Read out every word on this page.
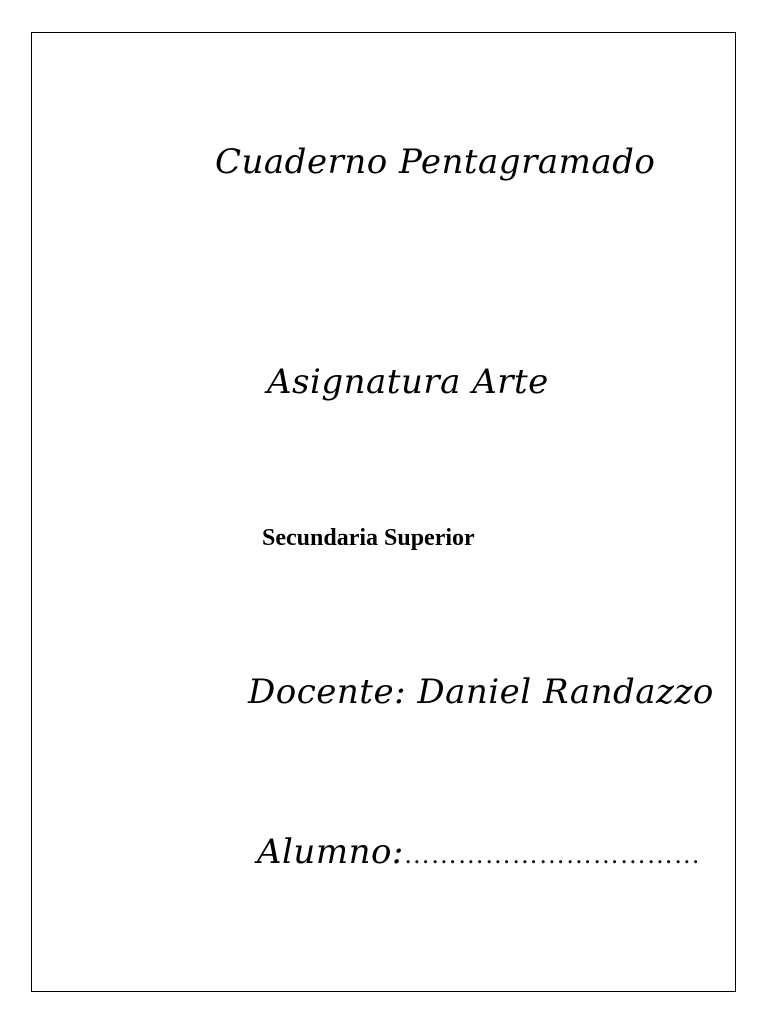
Cuaderno Pentagramado
Asignatura Arte
Secundaria Superior
Docente: Daniel Randazzo
Alumno:……………………………
